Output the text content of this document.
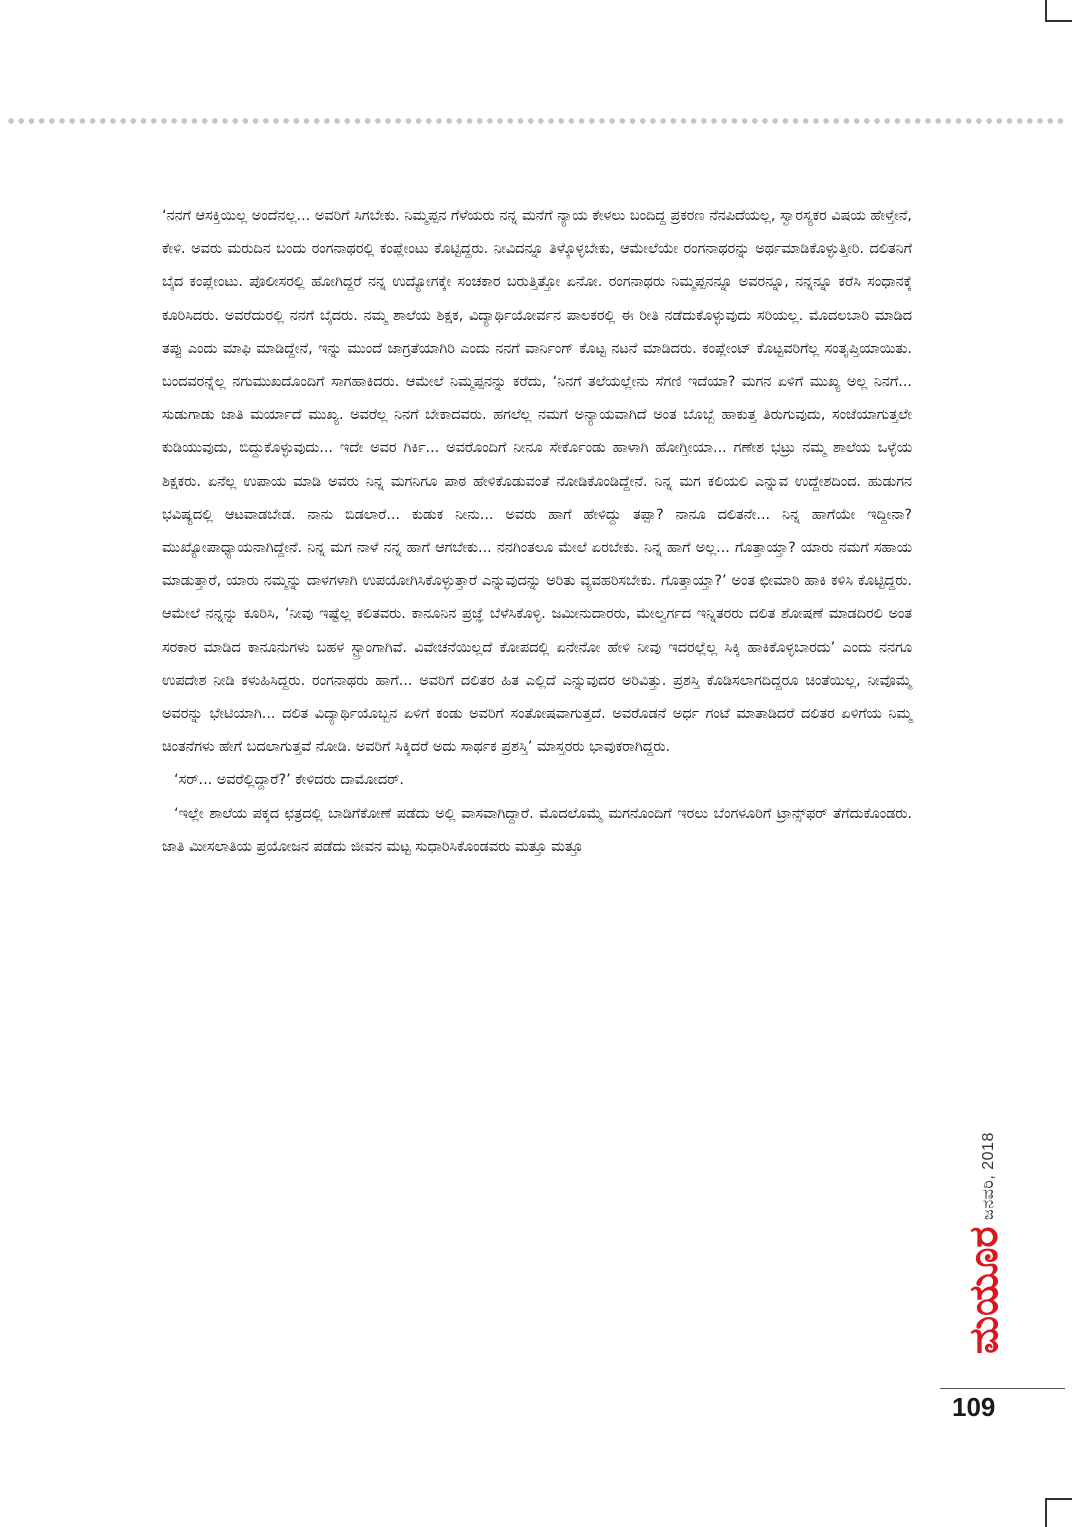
‘ನನಗೆ ಆಸಕ್ತಿಯಿಲ್ಲ ಅಂದೆನಲ್ಲ... ಅವರಿಗೆ ಸಿಗಬೇಕು. ನಿಮ್ಮಪ್ಪನ ಗೆಳೆಯರು ನನ್ನ ಮನೆಗೆ ನ್ಯಾಯ ಕೇಳಲು ಬಂದಿದ್ದ ಪ್ರಕರಣ ನೆನಪಿದೆಯಲ್ಲ, ಸ್ವಾರಸ್ಯಕರ ವಿಷಯ ಹೇಳ್ತೇನೆ, ಕೇಳಿ. ಅವರು ಮರುದಿನ ಬಂದು ರಂಗನಾಥರಲ್ಲಿ ಕಂಪ್ಲೇಂಟು ಕೊಟ್ಟಿದ್ದರು. ನೀವಿದನ್ನೂ ತಿಳ್ಕೊಳ್ಳಬೇಕು, ಆಮೇಲೆಯೇ ರಂಗನಾಥರನ್ನು ಅರ್ಥಮಾಡಿಕೊಳ್ಳುತ್ತೀರಿ. ದಲಿತನಿಗೆ ಬೈದ ಕಂಪ್ಲೇಂಟು. ಪೊಲೀಸರಲ್ಲಿ ಹೋಗಿದ್ದರೆ ನನ್ನ ಉದ್ಯೋಗಕ್ಕೇ ಸಂಚಕಾರ ಬರುತ್ತಿತ್ತೋ ಏನೋ. ರಂಗನಾಥರು ನಿಮ್ಮಪ್ಪನನ್ನೂ ಅವರನ್ನೂ, ನನ್ನನ್ನೂ ಕರೆಸಿ ಸಂಧಾನಕ್ಕೆ ಕೂರಿಸಿದರು. ಅವರೆದುರಲ್ಲಿ ನನಗೆ ಬೈದರು. ನಮ್ಮ ಶಾಲೆಯ ಶಿಕ್ಷಕ, ವಿದ್ಯಾರ್ಥಿಯೋರ್ವನ ಪಾಲಕರಲ್ಲಿ ಈ ರೀತಿ ನಡೆದುಕೊಳ್ಳುವುದು ಸರಿಯಲ್ಲ. ಮೊದಲಬಾರಿ ಮಾಡಿದ ತಪ್ಪು ಎಂದು ಮಾಫಿ ಮಾಡಿದ್ದೇನೆ, ಇನ್ನು ಮುಂದೆ ಜಾಗ್ರತೆಯಾಗಿರಿ ಎಂದು ನನಗೆ ವಾರ್ನಿಂಗ್ ಕೊಟ್ಟ ನಟನೆ ಮಾಡಿದರು. ಕಂಪ್ಲೇಂಟ್ ಕೊಟ್ಟವರಿಗೆಲ್ಲ ಸಂತೃಪ್ತಿಯಾಯಿತು. ಬಂದವರನ್ನೆಲ್ಲ ನಗುಮುಖದೊಂದಿಗೆ ಸಾಗಹಾಕಿದರು. ಆಮೇಲೆ ನಿಮ್ಮಪ್ಪನನ್ನು ಕರೆದು, ‘ನಿನಗೆ ತಲೆಯಲ್ಲೇನು ಸೆಗಣಿ ಇದೆಯಾ? ಮಗನ ಏಳಿಗೆ ಮುಖ್ಯ ಅಲ್ಲ ನಿನಗೆ... ಸುಡುಗಾಡು ಜಾತಿ ಮರ್ಯಾದೆ ಮುಖ್ಯ. ಅವರೆಲ್ಲ ನಿನಗೆ ಬೇಕಾದವರು. ಹಗಲೆಲ್ಲ ನಮಗೆ ಅನ್ಯಾಯವಾಗಿದೆ ಅಂತ ಬೊಬ್ಬೆ ಹಾಕುತ್ತ ತಿರುಗುವುದು, ಸಂಜೆಯಾಗುತ್ತಲೇ ಕುಡಿಯುವುದು, ಬಿದ್ದುಕೊಳ್ಳುವುದು... ಇದೇ ಅವರ ಗಿರ್ಕಿ... ಅವರೊಂದಿಗೆ ನೀನೂ ಸೇರ್ಕೊಂಡು ಹಾಳಾಗಿ ಹೋಗ್ತೀಯಾ... ಗಣೇಶ ಭಟ್ರು ನಮ್ಮ ಶಾಲೆಯ ಒಳ್ಳೆಯ ಶಿಕ್ಷಕರು. ಏನೆಲ್ಲ ಉಪಾಯ ಮಾಡಿ ಅವರು ನಿನ್ನ ಮಗನಿಗೂ ಪಾಠ ಹೇಳಿಕೊಡುವಂತೆ ನೋಡಿಕೊಂಡಿದ್ದೇನೆ. ನಿನ್ನ ಮಗ ಕಲಿಯಲಿ ಎನ್ನುವ ಉದ್ದೇಶದಿಂದ. ಹುಡುಗನ ಭವಿಷ್ಯದಲ್ಲಿ ಆಟವಾಡಬೇಡ. ನಾನು ಬಿಡಲಾರೆ... ಕುಡುಕ ನೀನು... ಅವರು ಹಾಗೆ ಹೇಳಿದ್ದು ತಪ್ಪಾ? ನಾನೂ ದಲಿತನೇ... ನಿನ್ನ ಹಾಗೆಯೇ ಇದ್ದೀನಾ? ಮುಖ್ಯೋಪಾಧ್ಯಾಯನಾಗಿದ್ದೇನೆ. ನಿನ್ನ ಮಗ ನಾಳೆ ನನ್ನ ಹಾಗೆ ಆಗಬೇಕು... ನನಗಿಂತಲೂ ಮೇಲೆ ಏರಬೇಕು. ನಿನ್ನ ಹಾಗೆ ಅಲ್ಲ... ಗೊತ್ತಾಯ್ತಾ? ಯಾರು ನಮಗೆ ಸಹಾಯ ಮಾಡುತ್ತಾರೆ, ಯಾರು ನಮ್ಮನ್ನು ದಾಳಗಳಾಗಿ ಉಪಯೋಗಿಸಿಕೊಳ್ಳುತ್ತಾರೆ ಎನ್ನುವುದನ್ನು ಅರಿತು ವ್ಯವಹರಿಸಬೇಕು. ಗೊತ್ತಾಯ್ತಾ?’ ಅಂತ ಛೀಮಾರಿ ಹಾಕಿ ಕಳಿಸಿ ಕೊಟ್ಟಿದ್ದರು. ಆಮೇಲೆ ನನ್ನನ್ನು ಕೂರಿಸಿ, ‘ನೀವು ಇಷ್ಟೆಲ್ಲ ಕಲಿತವರು. ಕಾನೂನಿನ ಪ್ರಜ್ಞೆ ಬೆಳೆಸಿಕೊಳ್ಳಿ. ಜಮೀನುದಾರರು, ಮೇಲ್ವರ್ಗದ ಇನ್ನಿತರರು ದಲಿತ ಶೋಷಣೆ ಮಾಡದಿರಲಿ ಅಂತ ಸರಕಾರ ಮಾಡಿದ ಕಾನೂನುಗಳು ಬಹಳ ಸ್ಟ್ರಾಂಗಾಗಿವೆ. ವಿವೇಚನೆಯಿಲ್ಲದೆ ಕೋಪದಲ್ಲಿ ಏನೇನೋ ಹೇಳಿ ನೀವು ಇದರಲ್ಲೆಲ್ಲ ಸಿಕ್ಕಿ ಹಾಕಿಕೊಳ್ಳಬಾರದು’ ಎಂದು ನನಗೂ ಉಪದೇಶ ನೀಡಿ ಕಳುಹಿಸಿದ್ದರು. ರಂಗನಾಥರು ಹಾಗೆ... ಅವರಿಗೆ ದಲಿತರ ಹಿತ ಎಲ್ಲಿದೆ ಎನ್ನುವುದರ ಅರಿವಿತ್ತು. ಪ್ರಶಸ್ತಿ ಕೊಡಿಸಲಾಗದಿದ್ದರೂ ಚಿಂತೆಯಿಲ್ಲ, ನೀವೊಮ್ಮೆ ಅವರನ್ನು ಭೇಟಿಯಾಗಿ... ದಲಿತ ವಿದ್ಯಾರ್ಥಿಯೊಬ್ಬನ ಏಳಿಗೆ ಕಂಡು ಅವರಿಗೆ ಸಂತೋಷವಾಗುತ್ತದೆ. ಅವರೊಡನೆ ಅರ್ಧ ಗಂಟೆ ಮಾತಾಡಿದರೆ ದಲಿತರ ಏಳಿಗೆಯ ನಿಮ್ಮ ಚಿಂತನೆಗಳು ಹೇಗೆ ಬದಲಾಗುತ್ತವೆ ನೋಡಿ. ಅವರಿಗೆ ಸಿಕ್ಕಿದರೆ ಅದು ಸಾರ್ಥಕ ಪ್ರಶಸ್ತಿ’ ಮಾಸ್ತರರು ಭಾವುಕರಾಗಿದ್ದರು.

‘ಸರ್... ಅವರೆಲ್ಲಿದ್ದಾರೆ?’ ಕೇಳಿದರು ದಾಮೋದರ್.

‘ಇಲ್ಲೇ ಶಾಲೆಯ ಪಕ್ಕದ ಛತ್ರದಲ್ಲಿ ಬಾಡಿಗೆಕೋಣೆ ಪಡೆದು ಅಲ್ಲಿ ವಾಸವಾಗಿದ್ದಾರೆ. ಮೊದಲೊಮ್ಮೆ ಮಗನೊಂದಿಗೆ ಇರಲು ಬೆಂಗಳೂರಿಗೆ ಟ್ರಾನ್ಸ್‌ಫರ್ ತೆಗೆದುಕೊಂಡರು. ಜಾತಿ ಮೀಸಲಾತಿಯ ಪ್ರಯೋಜನ ಪಡೆದು ಜೀವನ ಮಟ್ಟ ಸುಧಾರಿಸಿಕೊಂಡವರು ಮತ್ತೂ ಮತ್ತೂ

ಜನವರಿ, 2018
ಮಯೂರ
109
